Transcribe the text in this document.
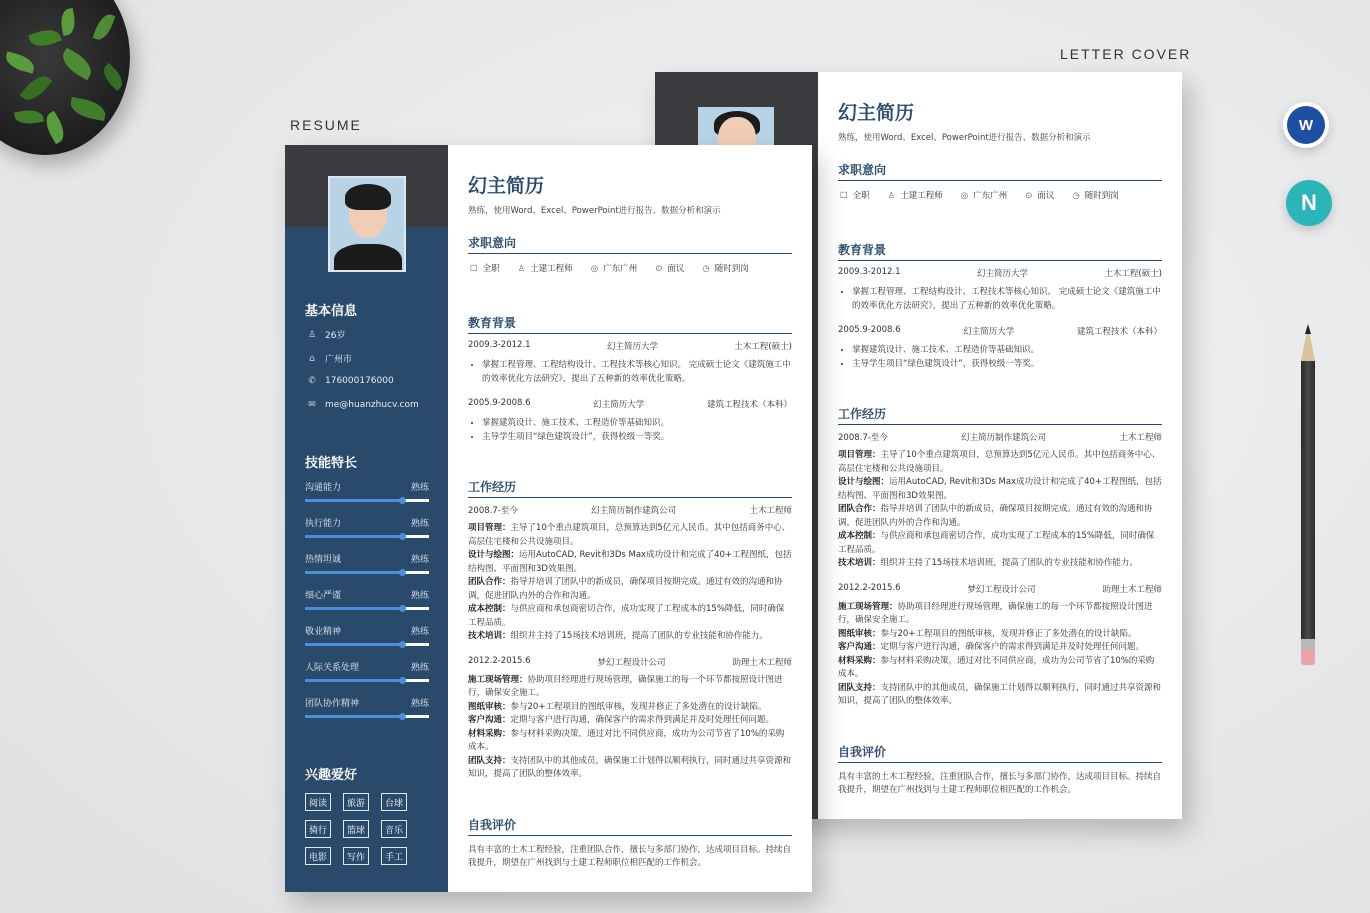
RESUME
LETTER COVER
W
N
幻主简历
熟练，使用Word、Excel、PowerPoint进行报告、数据分析和演示
求职意向
☐ 全职 ♙ 土建工程师 ◎ 广东广州 ⊙ 面议 ◷ 随时到岗
教育背景
2009.3-2012.1	幻主简历大学	土木工程(硕士)
• 掌握工程管理、工程结构设计、工程技术等核心知识。 完成硕士论文《建筑施工中的效率优化方法研究》，提出了五种新的效率优化策略。
2005.9-2008.6	幻主简历大学	建筑工程技术（本科）
• 掌握建筑设计、施工技术、工程造价等基础知识。
• 主导学生项目“绿色建筑设计”，获得校级一等奖。
工作经历
2008.7-至今	幻主简历制作建筑公司	土木工程师
项目管理：主导了10个重点建筑项目，总预算达到5亿元人民币。其中包括商务中心、高层住宅楼和公共设施项目。
设计与绘图：运用AutoCAD, Revit和3Ds Max成功设计和完成了40+工程图纸，包括结构图、平面图和3D效果图。
团队合作：指导并培训了团队中的新成员，确保项目按期完成。通过有效的沟通和协调，促进团队内外的合作和沟通。
成本控制：与供应商和承包商密切合作，成功实现了工程成本的15%降低，同时确保工程品质。
技术培训：组织并主持了15场技术培训班，提高了团队的专业技能和协作能力。
2012.2-2015.6	梦幻工程设计公司	助理土木工程师
施工现场管理：协助项目经理进行现场管理，确保施工的每一个环节都按照设计图进行，确保安全施工。
图纸审核：参与20+工程项目的图纸审核，发现并修正了多处潜在的设计缺陷。
客户沟通：定期与客户进行沟通，确保客户的需求得到满足并及时处理任何问题。
材料采购：参与材料采购决策，通过对比不同供应商，成功为公司节省了10%的采购成本。
团队支持：支持团队中的其他成员，确保施工计划得以顺利执行，同时通过共享资源和知识，提高了团队的整体效率。
自我评价
具有丰富的土木工程经验，注重团队合作，擅长与多部门协作，达成项目目标。持续自我提升，期望在广州找到与土建工程师职位相匹配的工作机会。
基本信息
♙ 26岁
⌂ 广州市
✆ 176000176000
✉ me@huanzhucv.com
技能特长
沟通能力	熟练
执行能力	熟练
热情坦诚	熟练
细心严谨	熟练
敬业精神	熟练
人际关系处理	熟练
团队协作精神	熟练
兴趣爱好
阅读	旅游	台球
骑行	篮球	音乐
电影	写作	手工
幻主简历
熟练，使用Word、Excel、PowerPoint进行报告、数据分析和演示
求职意向
☐ 全职 ♙ 土建工程师 ◎ 广东广州 ⊙ 面议 ◷ 随时到岗
教育背景
2009.3-2012.1	幻主简历大学	土木工程(硕士)
• 掌握工程管理、工程结构设计、工程技术等核心知识。 完成硕士论文《建筑施工中的效率优化方法研究》，提出了五种新的效率优化策略。
2005.9-2008.6	幻主简历大学	建筑工程技术（本科）
• 掌握建筑设计、施工技术、工程造价等基础知识。
• 主导学生项目“绿色建筑设计”，获得校级一等奖。
工作经历
2008.7-至今	幻主简历制作建筑公司	土木工程师
项目管理：主导了10个重点建筑项目，总预算达到5亿元人民币。其中包括商务中心、高层住宅楼和公共设施项目。
设计与绘图：运用AutoCAD, Revit和3Ds Max成功设计和完成了40+工程图纸，包括结构图、平面图和3D效果图。
团队合作：指导并培训了团队中的新成员，确保项目按期完成。通过有效的沟通和协调，促进团队内外的合作和沟通。
成本控制：与供应商和承包商密切合作，成功实现了工程成本的15%降低，同时确保工程品质。
技术培训：组织并主持了15场技术培训班，提高了团队的专业技能和协作能力。
2012.2-2015.6	梦幻工程设计公司	助理土木工程师
施工现场管理：协助项目经理进行现场管理，确保施工的每一个环节都按照设计图进行，确保安全施工。
图纸审核：参与20+工程项目的图纸审核，发现并修正了多处潜在的设计缺陷。
客户沟通：定期与客户进行沟通，确保客户的需求得到满足并及时处理任何问题。
材料采购：参与材料采购决策，通过对比不同供应商，成功为公司节省了10%的采购成本。
团队支持：支持团队中的其他成员，确保施工计划得以顺利执行，同时通过共享资源和知识，提高了团队的整体效率。
自我评价
具有丰富的土木工程经验，注重团队合作，擅长与多部门协作，达成项目目标。持续自我提升，期望在广州找到与土建工程师职位相匹配的工作机会。
